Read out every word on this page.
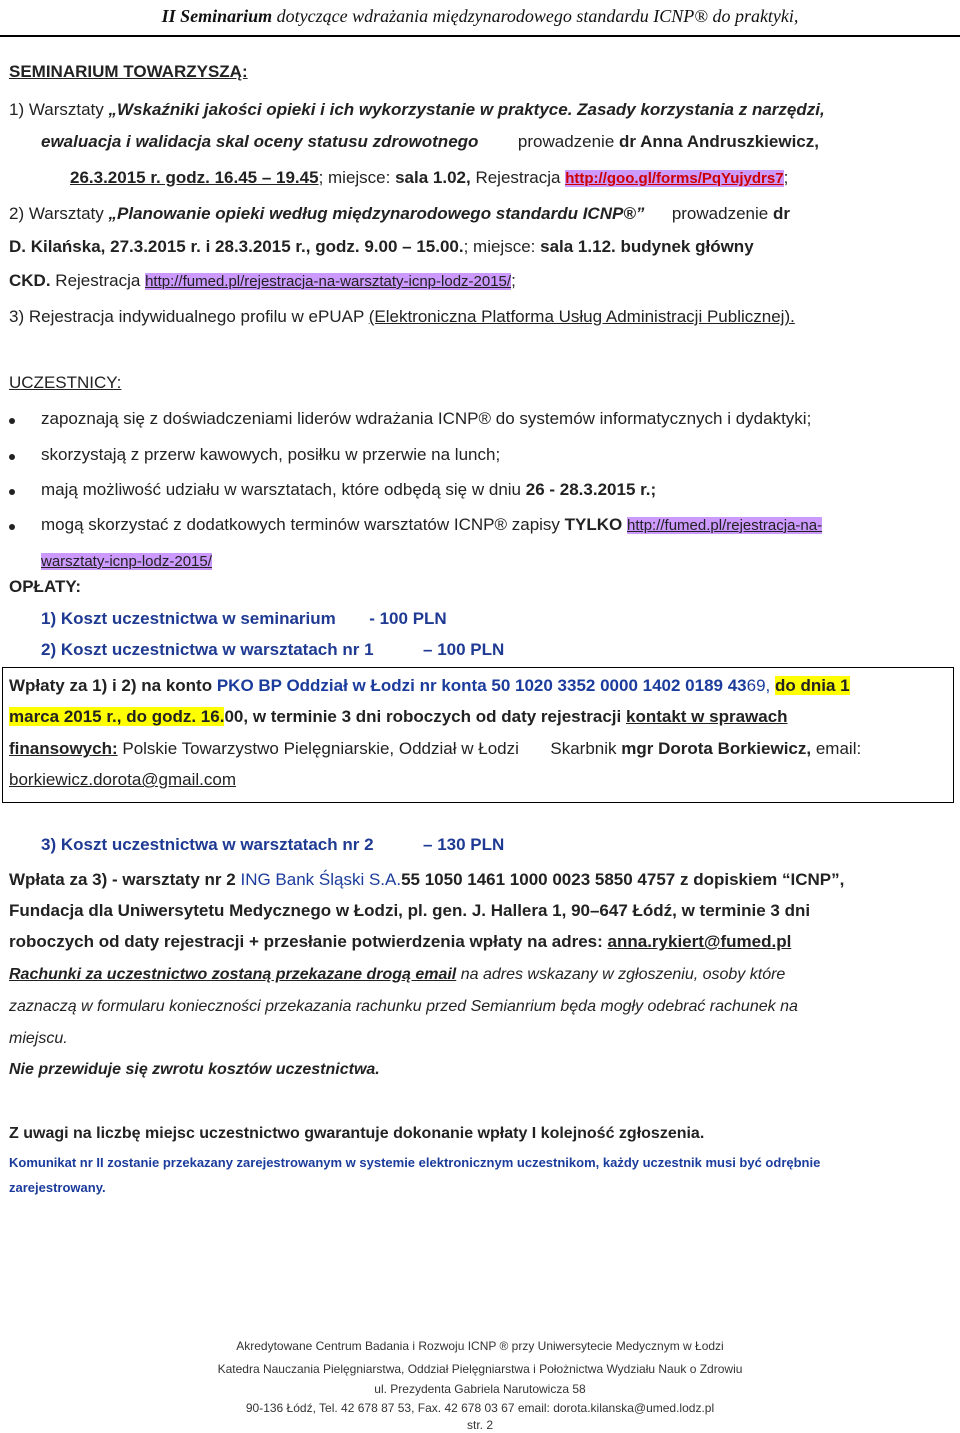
II Seminarium dotyczące wdrażania międzynarodowego standardu ICNP® do praktyki,
SEMINARIUM TOWARZYSZĄ:
1) Warsztaty „Wskaźniki jakości opieki i ich wykorzystanie w praktyce. Zasady korzystania z narzędzi,
ewaluacja i walidacja skal oceny statusu zdrowotnego prowadzenie dr Anna Andruszkiewicz,
26.3.2015 r. godz. 16.45 – 19.45; miejsce: sala 1.02, Rejestracja http://goo.gl/forms/PqYujydrs7;
2) Warsztaty „Planowanie opieki według międzynarodowego standardu ICNP®” prowadzenie dr
D. Kilańska, 27.3.2015 r. i 28.3.2015 r., godz. 9.00 – 15.00.; miejsce: sala 1.12. budynek główny
CKD. Rejestracja http://fumed.pl/rejestracja-na-warsztaty-icnp-lodz-2015/;
3) Rejestracja indywidualnego profilu w ePUAP (Elektroniczna Platforma Usług Administracji Publicznej).
UCZESTNICY:
zapoznają się z doświadczeniami liderów wdrażania ICNP® do systemów informatycznych i dydaktyki;
skorzystają z przerw kawowych, posiłku w przerwie na lunch;
mają możliwość udziału w warsztatach, które odbędą się w dniu 26 - 28.3.2015 r.;
mogą skorzystać z dodatkowych terminów warsztatów ICNP® zapisy TYLKO http://fumed.pl/rejestracja-na-
warsztaty-icnp-lodz-2015/
OPŁATY:
1) Koszt uczestnictwa w seminarium - 100 PLN
2) Koszt uczestnictwa w warsztatach nr 1	– 100 PLN
Wpłaty za 1) i 2) na konto PKO BP Oddział w Łodzi nr konta 50 1020 3352 0000 1402 0189 4369, do dnia 1
marca 2015 r., do godz. 16.00, w terminie 3 dni roboczych od daty rejestracji kontakt w sprawach
finansowych: Polskie Towarzystwo Pielęgniarskie, Oddział w Łodzi Skarbnik mgr Dorota Borkiewicz, email:
borkiewicz.dorota@gmail.com
3) Koszt uczestnictwa w warsztatach nr 2	– 130 PLN
Wpłata za 3) - warsztaty nr 2 ING Bank Śląski S.A.55 1050 1461 1000 0023 5850 4757 z dopiskiem “ICNP”,
Fundacja dla Uniwersytetu Medycznego w Łodzi, pl. gen. J. Hallera 1, 90–647 Łódź, w terminie 3 dni
roboczych od daty rejestracji + przesłanie potwierdzenia wpłaty na adres: anna.rykiert@fumed.pl
Rachunki za uczestnictwo zostaną przekazane drogą email na adres wskazany w zgłoszeniu, osoby które
zaznaczą w formularu konieczności przekazania rachunku przed Semianrium będa mogły odebrać rachunek na
miejscu.
Nie przewiduje się zwrotu kosztów uczestnictwa.
Z uwagi na liczbę miejsc uczestnictwo gwarantuje dokonanie wpłaty I kolejność zgłoszenia.
Komunikat nr II zostanie przekazany zarejestrowanym w systemie elektronicznym uczestnikom, każdy uczestnik musi być odrębnie
zarejestrowany.
Akredytowane Centrum Badania i Rozwoju ICNP ® przy Uniwersytecie Medycznym w Łodzi
Katedra Nauczania Pielęgniarstwa, Oddział Pielęgniarstwa i Położnictwa Wydziału Nauk o Zdrowiu
ul. Prezydenta Gabriela Narutowicza 58
90-136 Łódź, Tel. 42 678 87 53, Fax. 42 678 03 67 email: dorota.kilanska@umed.lodz.pl
str. 2
